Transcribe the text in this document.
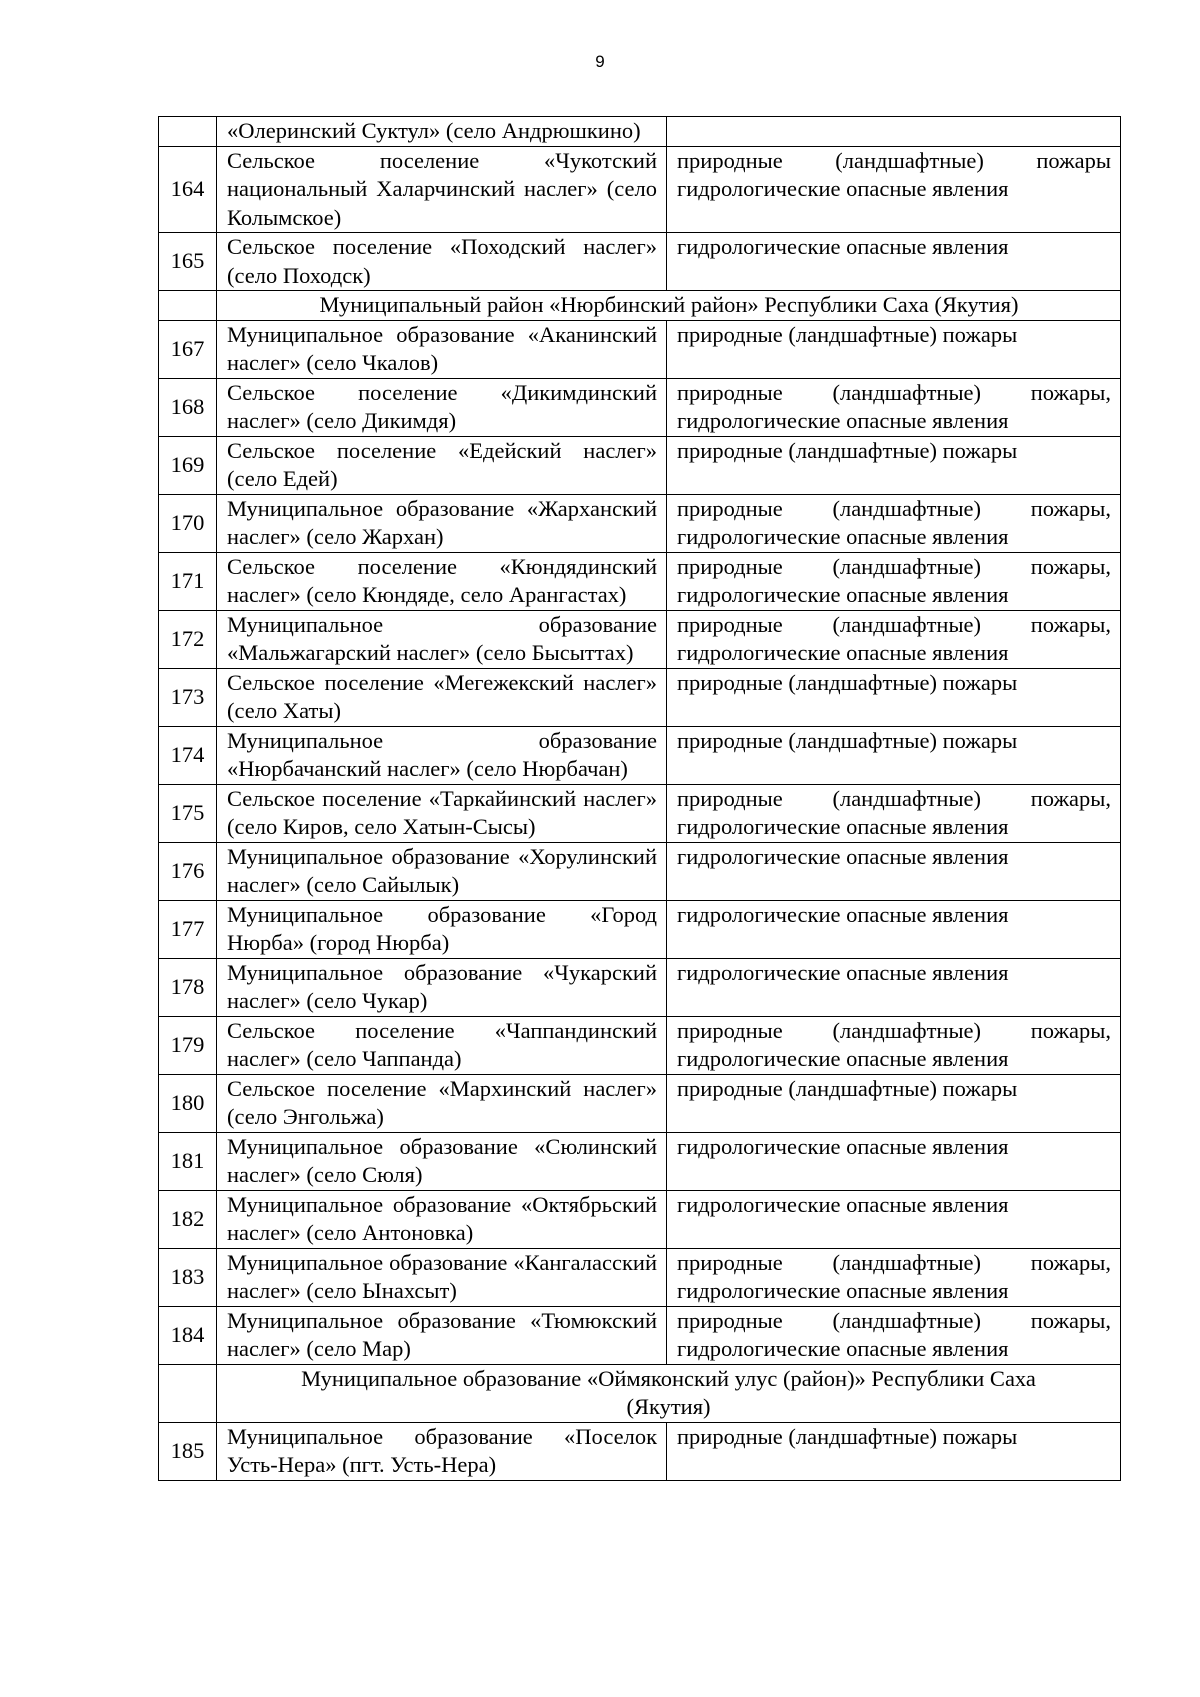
9
	«Олеринский Суктул» (село Андрюшкино)	
164	Сельское поселение «Чукотский национальный Халарчинский наслег» (село Колымское)	природные (ландшафтные) пожары гидрологические опасные явления
165	Сельское поселение «Походский наслег» (село Походск)	гидрологические опасные явления
	Муниципальный район «Нюрбинский район» Республики Саха (Якутия)	
167	Муниципальное образование «Аканинский наслег» (село Чкалов)	природные (ландшафтные) пожары
168	Сельское поселение «Дикимдинский наслег» (село Дикимдя)	природные (ландшафтные) пожары, гидрологические опасные явления
169	Сельское поселение «Едейский наслег» (село Едей)	природные (ландшафтные) пожары
170	Муниципальное образование «Жарханский наслег» (село Жархан)	природные (ландшафтные) пожары, гидрологические опасные явления
171	Сельское поселение «Кюндядинский наслег» (село Кюндяде, село Арангастах)	природные (ландшафтные) пожары, гидрологические опасные явления
172	Муниципальное образование «Мальжагарский наслег» (село Бысыттах)	природные (ландшафтные) пожары, гидрологические опасные явления
173	Сельское поселение «Мегежекский наслег» (село Хаты)	природные (ландшафтные) пожары
174	Муниципальное образование «Нюрбачанский наслег» (село Нюрбачан)	природные (ландшафтные) пожары
175	Сельское поселение «Таркайинский наслег» (село Киров, село Хатын-Сысы)	природные (ландшафтные) пожары, гидрологические опасные явления
176	Муниципальное образование «Хорулинский наслег» (село Сайылык)	гидрологические опасные явления
177	Муниципальное образование «Город Нюрба» (город Нюрба)	гидрологические опасные явления
178	Муниципальное образование «Чукарский наслег» (село Чукар)	гидрологические опасные явления
179	Сельское поселение «Чаппандинский наслег» (село Чаппанда)	природные (ландшафтные) пожары, гидрологические опасные явления
180	Сельское поселение «Мархинский наслег» (село Энгольжа)	природные (ландшафтные) пожары
181	Муниципальное образование «Сюлинский наслег» (село Сюля)	гидрологические опасные явления
182	Муниципальное образование «Октябрьский наслег» (село Антоновка)	гидрологические опасные явления
183	Муниципальное образование «Кангаласский наслег» (село Ынахсыт)	природные (ландшафтные) пожары, гидрологические опасные явления
184	Муниципальное образование «Тюмюкский наслег» (село Мар)	природные (ландшафтные) пожары, гидрологические опасные явления
	Муниципальное образование «Оймяконский улус (район)» Республики Саха (Якутия)	
185	Муниципальное образование «Поселок Усть-Нера» (пгт. Усть-Нера)	природные (ландшафтные) пожары
